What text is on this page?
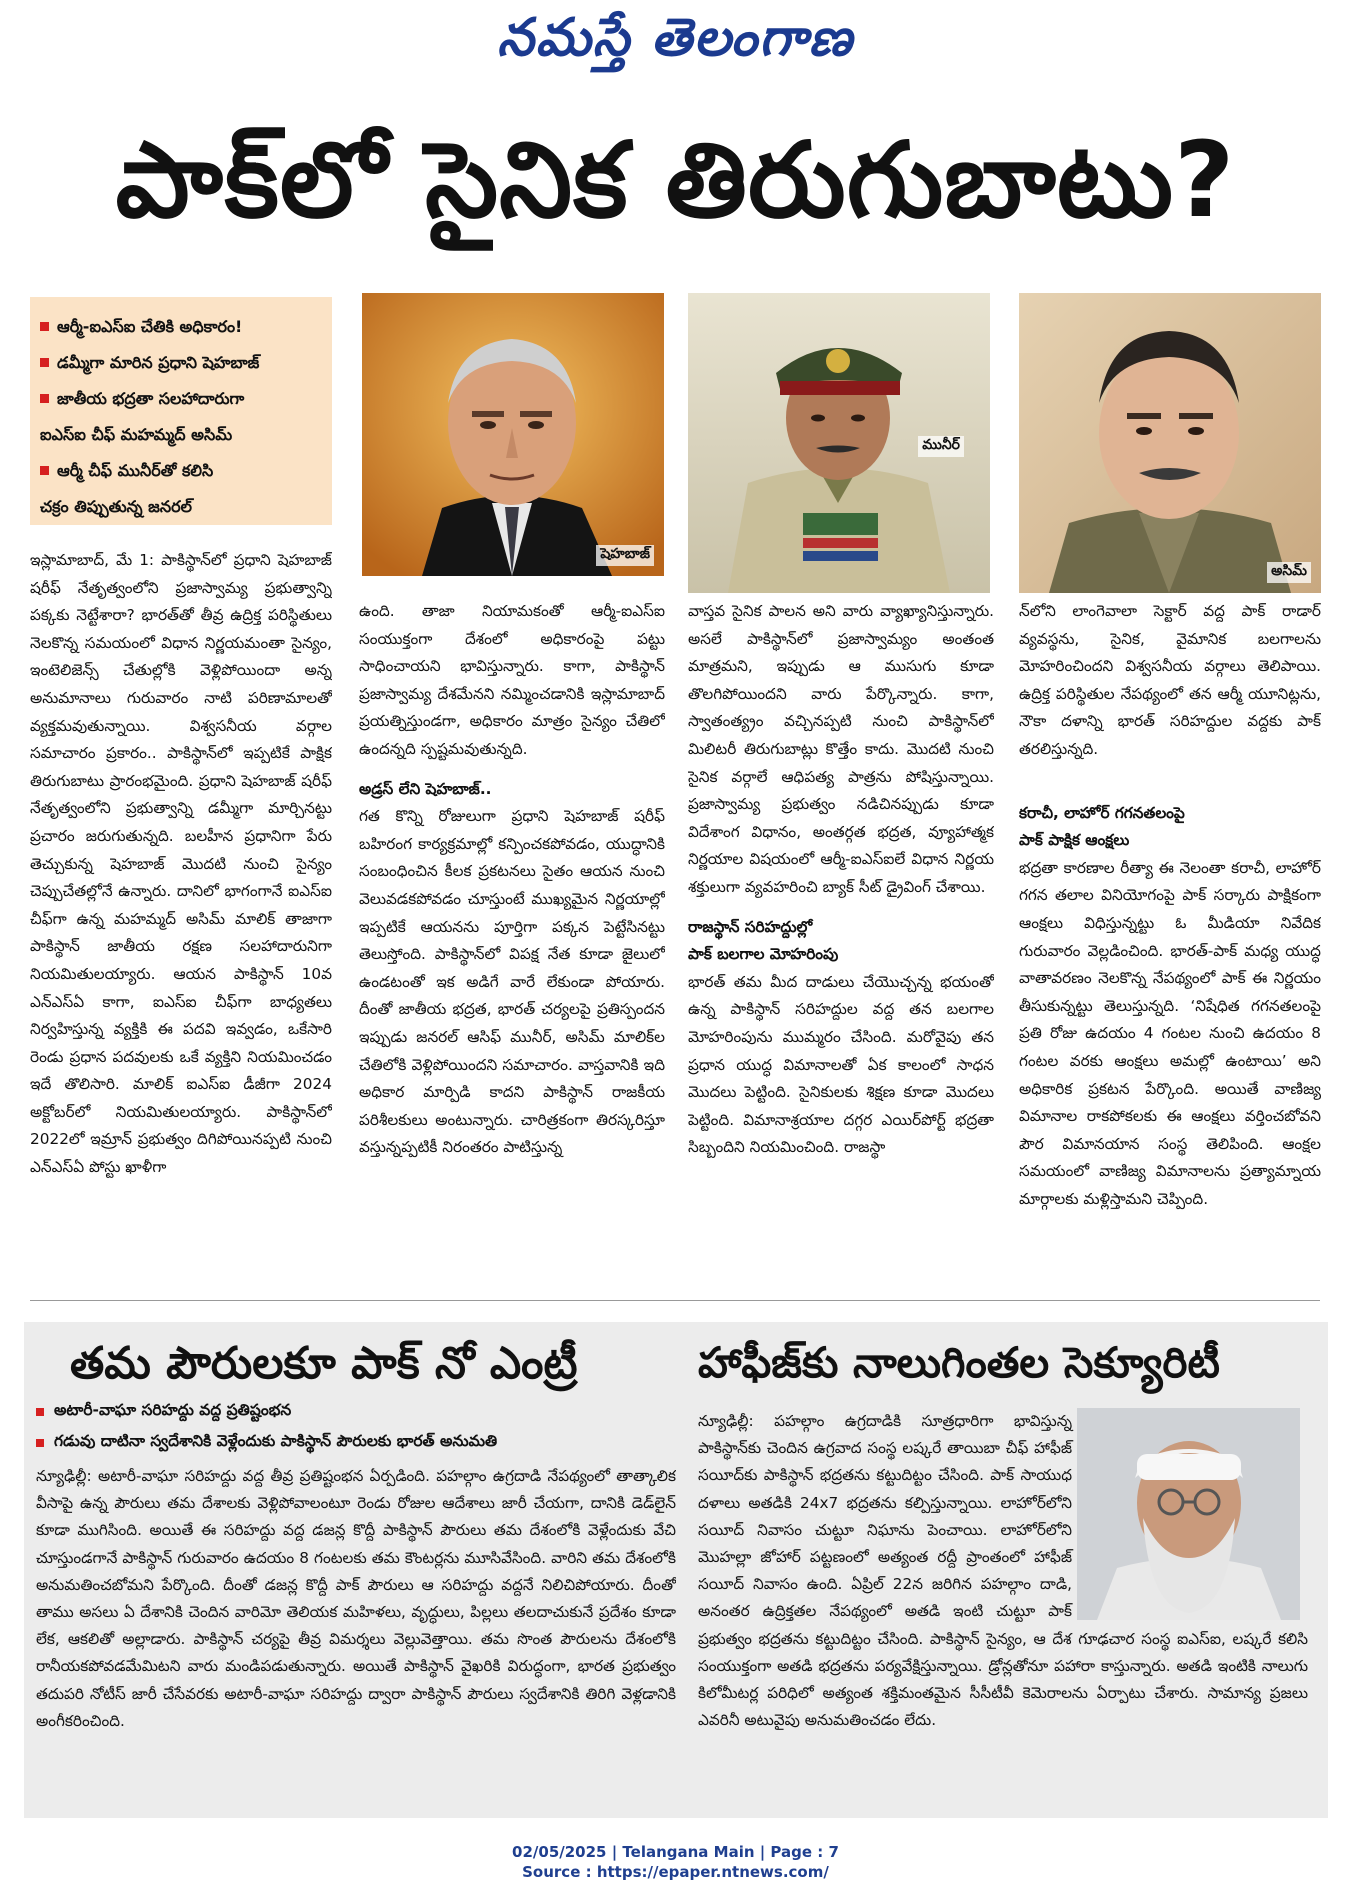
నమస్తే తెలంగాణ
పాక్‌లో సైనిక తిరుగుబాటు?
ఆర్మీ-ఐఎస్ఐ చేతికి అధికారం!
డమ్మీగా మారిన ప్రధాని షెహబాజ్
జాతీయ భద్రతా సలహాదారుగా
ఐఎస్ఐ చీఫ్ మహమ్మద్ అసిమ్
ఆర్మీ చీఫ్ మునీర్‌తో కలిసి
చక్రం తిప్పుతున్న జనరల్
షెహబాజ్
మునీర్
అసిమ్

ఇస్లామాబాద్, మే 1: పాకిస్థాన్‌లో ప్రధాని షెహబాజ్ షరీఫ్ నేతృత్వంలోని ప్రజాస్వామ్య ప్రభుత్వాన్ని పక్కకు నెట్టేశారా? భారత్‌తో తీవ్ర ఉద్రిక్త పరిస్థితులు నెలకొన్న సమయంలో విధాన నిర్ణయమంతా సైన్యం, ఇంటెలిజెన్స్ చేతుల్లోకి వెళ్లిపోయిందా అన్న అనుమానాలు గురువారం నాటి పరిణామాలతో వ్యక్తమవుతున్నాయి. విశ్వసనీయ వర్గాల సమాచారం ప్రకారం.. పాకిస్థాన్‌లో ఇప్పటికే పాక్షిక తిరుగుబాటు ప్రారంభమైంది. ప్రధాని షెహబాజ్ షరీఫ్ నేతృత్వంలోని ప్రభుత్వాన్ని డమ్మీగా మార్చినట్టు ప్రచారం జరుగుతున్నది. బలహీన ప్రధానిగా పేరు తెచ్చుకున్న షెహబాజ్ మొదటి నుంచి సైన్యం చెప్పుచేతల్లోనే ఉన్నారు. దానిలో భాగంగానే ఐఎస్ఐ చీఫ్‌గా ఉన్న మహమ్మద్ అసిమ్ మాలిక్ తాజాగా పాకిస్థాన్ జాతీయ రక్షణ సలహాదారునిగా నియమితులయ్యారు. ఆయన పాకిస్థాన్ 10వ ఎన్ఎస్ఏ కాగా, ఐఎస్ఐ చీఫ్‌గా బాధ్యతలు నిర్వహిస్తున్న వ్యక్తికి ఈ పదవి ఇవ్వడం, ఒకేసారి రెండు ప్రధాన పదవులకు ఒకే వ్యక్తిని నియమించడం ఇదే తొలిసారి. మాలిక్ ఐఎస్ఐ డీజీగా 2024 అక్టోబర్‌లో నియమితులయ్యారు. పాకిస్థాన్‌లో 2022లో ఇమ్రాన్ ప్రభుత్వం దిగిపోయినప్పటి నుంచి ఎన్ఎస్ఏ పోస్టు ఖాళీగా

ఉంది. తాజా నియామకంతో ఆర్మీ-ఐఎస్ఐ సంయుక్తంగా దేశంలో అధికారంపై పట్టు సాధించాయని భావిస్తున్నారు. కాగా, పాకిస్థాన్ ప్రజాస్వామ్య దేశమేనని నమ్మించడానికి ఇస్లామాబాద్ ప్రయత్నిస్తుండగా, అధికారం మాత్రం సైన్యం చేతిలో ఉందన్నది స్పష్టమవుతున్నది.

అడ్రస్ లేని షెహబాజ్..

గత కొన్ని రోజులుగా ప్రధాని షెహబాజ్ షరీఫ్ బహిరంగ కార్యక్రమాల్లో కన్పించకపోవడం, యుద్ధానికి సంబంధించిన కీలక ప్రకటనలు సైతం ఆయన నుంచి వెలువడకపోవడం చూస్తుంటే ముఖ్యమైన నిర్ణయాల్లో ఇప్పటికే ఆయనను పూర్తిగా పక్కన పెట్టేసినట్టు తెలుస్తోంది. పాకిస్థాన్‌లో విపక్ష నేత కూడా జైలులో ఉండటంతో ఇక అడిగే వారే లేకుండా పోయారు. దీంతో జాతీయ భద్రత, భారత్ చర్యలపై ప్రతిస్పందన ఇప్పుడు జనరల్ ఆసిఫ్ మునీర్, అసిమ్ మాలిక్‌ల చేతిలోకి వెళ్లిపోయిందని సమాచారం. వాస్తవానికి ఇది అధికార మార్పిడి కాదని పాకిస్థాన్ రాజకీయ పరిశీలకులు అంటున్నారు. చారిత్రకంగా తిరస్కరిస్తూ వస్తున్నప్పటికీ నిరంతరం పాటిస్తున్న

వాస్తవ సైనిక పాలన అని వారు వ్యాఖ్యానిస్తున్నారు. అసలే పాకిస్థాన్‌లో ప్రజాస్వామ్యం అంతంత మాత్రమని, ఇప్పుడు ఆ ముసుగు కూడా తొలగిపోయిందని వారు పేర్కొన్నారు. కాగా, స్వాతంత్య్రం వచ్చినప్పటి నుంచి పాకిస్థాన్‌లో మిలిటరీ తిరుగుబాట్లు కొత్తేం కాదు. మొదటి నుంచి సైనిక వర్గాలే ఆధిపత్య పాత్రను పోషిస్తున్నాయి. ప్రజాస్వామ్య ప్రభుత్వం నడిచినప్పుడు కూడా విదేశాంగ విధానం, అంతర్గత భద్రత, వ్యూహాత్మక నిర్ణయాల విషయంలో ఆర్మీ-ఐఎస్ఐలే విధాన నిర్ణయ శక్తులుగా వ్యవహరించి బ్యాక్ సీట్ డ్రైవింగ్ చేశాయి.

రాజస్థాన్ సరిహద్దుల్లో

పాక్ బలగాల మోహరింపు

భారత్ తమ మీద దాడులు చేయొచ్చన్న భయంతో ఉన్న పాకిస్థాన్ సరిహద్దుల వద్ద తన బలగాల మోహరింపును ముమ్మరం చేసింది. మరోవైపు తన ప్రధాన యుద్ధ విమానాలతో ఏక కాలంలో సాధన మొదలు పెట్టింది. సైనికులకు శిక్షణ కూడా మొదలు పెట్టింది. విమానాశ్రయాల దగ్గర ఎయిర్‌పోర్ట్ భద్రతా సిబ్బందిని నియమించింది. రాజస్థా

న్‌లోని లాంగెవాలా సెక్టార్ వద్ద పాక్ రాడార్ వ్యవస్థను, సైనిక, వైమానిక బలగాలను మోహరించిందని విశ్వసనీయ వర్గాలు తెలిపాయి. ఉద్రిక్త పరిస్థితుల నేపథ్యంలో తన ఆర్మీ యూనిట్లను, నౌకా దళాన్ని భారత్ సరిహద్దుల వద్దకు పాక్ తరలిస్తున్నది.

కరాచీ, లాహోర్ గగనతలంపై

పాక్ పాక్షిక ఆంక్షలు

భద్రతా కారణాల రీత్యా ఈ నెలంతా కరాచీ, లాహోర్ గగన తలాల వినియోగంపై పాక్ సర్కారు పాక్షికంగా ఆంక్షలు విధిస్తున్నట్టు ఓ మీడియా నివేదిక గురువారం వెల్లడించింది. భారత్-పాక్ మధ్య యుద్ధ వాతావరణం నెలకొన్న నేపథ్యంలో పాక్ ఈ నిర్ణయం తీసుకున్నట్టు తెలుస్తున్నది. ‘నిషేధిత గగనతలంపై ప్రతి రోజు ఉదయం 4 గంటల నుంచి ఉదయం 8 గంటల వరకు ఆంక్షలు అమల్లో ఉంటాయి’ అని అధికారిక ప్రకటన పేర్కొంది. అయితే వాణిజ్య విమానాల రాకపోకలకు ఈ ఆంక్షలు వర్తించబోవని పౌర విమానయాన సంస్థ తెలిపింది. ఆంక్షల సమయంలో వాణిజ్య విమానాలను ప్రత్యామ్నాయ మార్గాలకు మళ్లిస్తామని చెప్పింది.

తమ పౌరులకూ పాక్ నో ఎంట్రీ
అటారీ-వాఘా సరిహద్దు వద్ద ప్రతిష్టంభన
గడువు దాటినా స్వదేశానికి వెళ్లేందుకు పాకిస్థాన్ పౌరులకు భారత్ అనుమతి

న్యూఢిల్లీ: అటారీ-వాఘా సరిహద్దు వద్ద తీవ్ర ప్రతిష్టంభన ఏర్పడింది. పహల్గాం ఉగ్రదాడి నేపథ్యంలో తాత్కాలిక వీసాపై ఉన్న పౌరులు తమ దేశాలకు వెళ్లిపోవాలంటూ రెండు రోజుల ఆదేశాలు జారీ చేయగా, దానికి డెడ్‌లైన్ కూడా ముగిసింది. అయితే ఈ సరిహద్దు వద్ద డజన్ల కొద్దీ పాకిస్థాన్ పౌరులు తమ దేశంలోకి వెళ్లేందుకు వేచి చూస్తుండగానే పాకిస్థాన్ గురువారం ఉదయం 8 గంటలకు తమ కౌంటర్లను మూసివేసింది. వారిని తమ దేశంలోకి అనుమతించబోమని పేర్కొంది. దీంతో డజన్ల కొద్దీ పాక్ పౌరులు ఆ సరిహద్దు వద్దనే నిలిచిపోయారు. దీంతో తాము అసలు ఏ దేశానికి చెందిన వారిమో తెలియక మహిళలు, వృద్ధులు, పిల్లలు తలదాచుకునే ప్రదేశం కూడా లేక, ఆకలితో అల్లాడారు. పాకిస్థాన్ చర్యపై తీవ్ర విమర్శలు వెల్లువెత్తాయి. తమ సొంత పౌరులను దేశంలోకి రానీయకపోవడమేమిటని వారు మండిపడుతున్నారు. అయితే పాకిస్థాన్ వైఖరికి విరుద్ధంగా, భారత ప్రభుత్వం తదుపరి నోటీస్ జారీ చేసేవరకు అటారీ-వాఘా సరిహద్దు ద్వారా పాకిస్థాన్ పౌరులు స్వదేశానికి తిరిగి వెళ్లడానికి అంగీకరించింది.

హాఫీజ్‌కు నాలుగింతల సెక్యూరిటీ

న్యూఢిల్లీ: పహల్గాం ఉగ్రదాడికి సూత్రధారిగా భావిస్తున్న పాకిస్థాన్‌కు చెందిన ఉగ్రవాద సంస్థ లష్కరే తాయిబా చీఫ్ హాఫీజ్ సయీద్‌కు పాకిస్థాన్ భద్రతను కట్టుదిట్టం చేసింది. పాక్ సాయుధ దళాలు అతడికి 24x7 భద్రతను కల్పిస్తున్నాయి. లాహోర్‌లోని సయీద్ నివాసం చుట్టూ నిఘాను పెంచాయి. లాహోర్‌లోని మొహల్లా జోహార్ పట్టణంలో అత్యంత రద్దీ ప్రాంతంలో హాఫీజ్ సయీద్ నివాసం ఉంది. ఏప్రిల్ 22న జరిగిన పహల్గాం దాడి, అనంతర ఉద్రిక్తతల నేపథ్యంలో అతడి ఇంటి చుట్టూ పాక్ ప్రభుత్వం భద్రతను కట్టుదిట్టం చేసింది. పాకిస్థాన్ సైన్యం, ఆ దేశ గూఢచార సంస్థ ఐఎస్ఐ, లష్కరే కలిసి సంయుక్తంగా అతడి భద్రతను పర్యవేక్షిస్తున్నాయి. డ్రోన్లతోనూ పహారా కాస్తున్నారు. అతడి ఇంటికి నాలుగు కిలోమీటర్ల పరిధిలో అత్యంత శక్తిమంతమైన సీసీటీవీ కెమెరాలను ఏర్పాటు చేశారు. సామాన్య ప్రజలు ఎవరినీ అటువైపు అనుమతించడం లేదు.

02/05/2025 | Telangana Main | Page : 7
Source : https://epaper.ntnews.com/
